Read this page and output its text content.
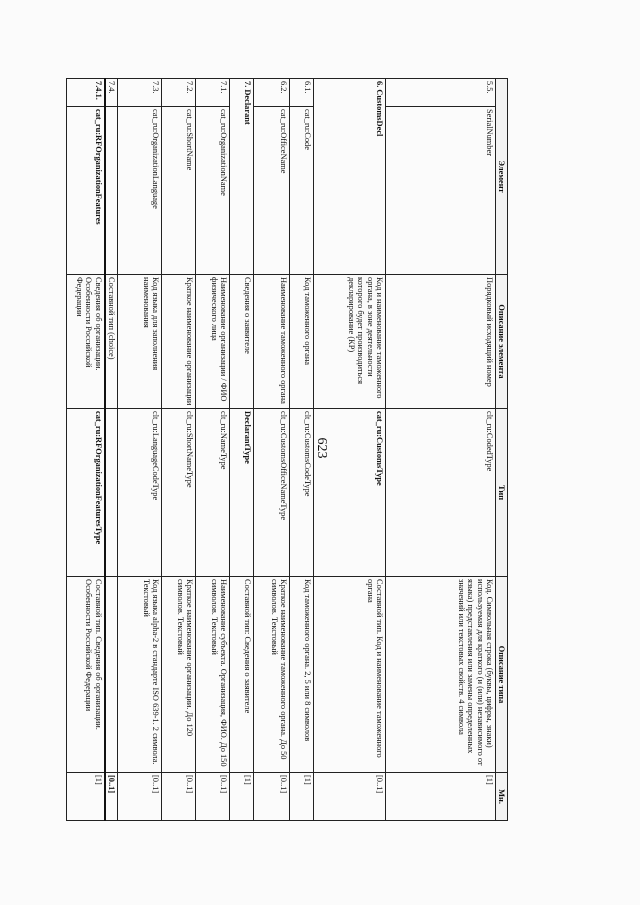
623
Элемент		Описание элемента	Тип	Описание типа	Мн.
5.5.	SerialNumber	Порядковый исходящий номер	clt_ru:CodedType	Код. Символьная строка (буквы, цифры, знаки) используемая для краткого (и (или) независимого от языка) представления или замены определенных значений или текстовых свойств. 4 символа	[1]
6. CustomsDecl		Код и наименование таможенного органа, в зоне деятельности которого будет производиться декларирование (КР)	cat_ru:CustomsType	Составной тип. Код и наименование таможенного органа	[0..1]
6.1.	cat_ru:Code	Код таможенного органа	clt_ru:CustomsCodeType	Код таможенного органа. 2, 5 или 8 символов	[1]
6.2.	cat_ru:OfficeName	Наименование таможенного органа	clt_ru:CustomsOfficeNameType	Краткое наименование таможенного органа. До 50 символов. Текстовый	[0..1]
7. Declarant		Сведения о заявителе	DeclarantType	Составной тип: Сведения о заявителе	[1]
7.1.	cat_ru:OrganizationName	Наименование организации / ФИО физического лица	clt_ru:NameType	Наименование субъекта. Организация, ФИО. До 150 символов. Текстовый	[0..1]
7.2.	cat_ru:ShortName	Краткое наименование организации	clt_ru:ShortNameType	Краткое наименование организации. До 120 символов. Текстовый	[0..1]
7.3.	cat_ru:OrganizationLanguage	Код языка для заполнения наименования	clt_ru:LanguageCodeType	Код языка alpha-2 в стандарте ISO 639-1. 2 символа. Текстовый	[0..1]
7.4.		Составной тип (choice)			[0..1]
7.4.1.	cat_ru:RFOrganizationFeatures	Сведения об организации. Особенности Российской Федерации	cat_ru:RFOrganizationFeaturesType	Составной тип. Сведения об организации. Особенности Российской Федерации	[1]
